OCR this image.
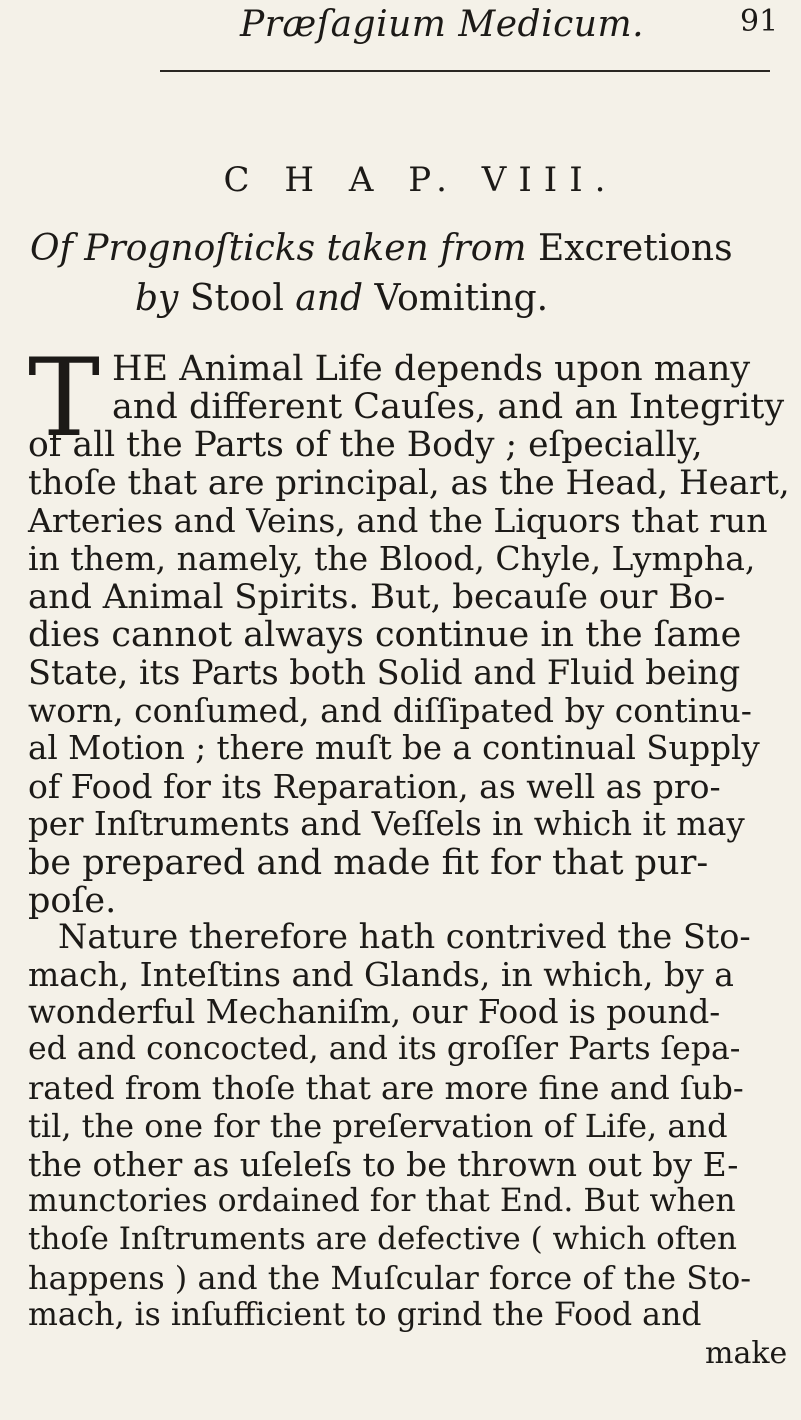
Præſagium Medicum.	91
C H A P. VIII.
Of Prognoſticks taken from Excretions
by Stool and Vomiting.
T HE Animal Life depends upon many
and different Cauſes, and an Integrity
of all the Parts of the Body ; eſpecially,
thoſe that are principal, as the Head, Heart,
Arteries and Veins, and the Liquors that run
in them, namely, the Blood, Chyle, Lympha,
and Animal Spirits. But, becauſe our Bo-
dies cannot always continue in the ſame
State, its Parts both Solid and Fluid being
worn, conſumed, and diſſipated by continu-
al Motion ; there muſt be a continual Supply
of Food for its Reparation, as well as pro-
per Inſtruments and Veſſels in which it may
be prepared and made fit for that pur-
poſe.
Nature therefore hath contrived the Sto-
mach, Inteſtins and Glands, in which, by a
wonderful Mechaniſm, our Food is pound-
ed and concocted, and its groſſer Parts ſepa-
rated from thoſe that are more fine and ſub-
til, the one for the preſervation of Life, and
the other as uſeleſs to be thrown out by E-
munctories ordained for that End. But when
thoſe Inſtruments are defective ( which often
happens ) and the Muſcular force of the Sto-
mach, is inſufficient to grind the Food and
make
